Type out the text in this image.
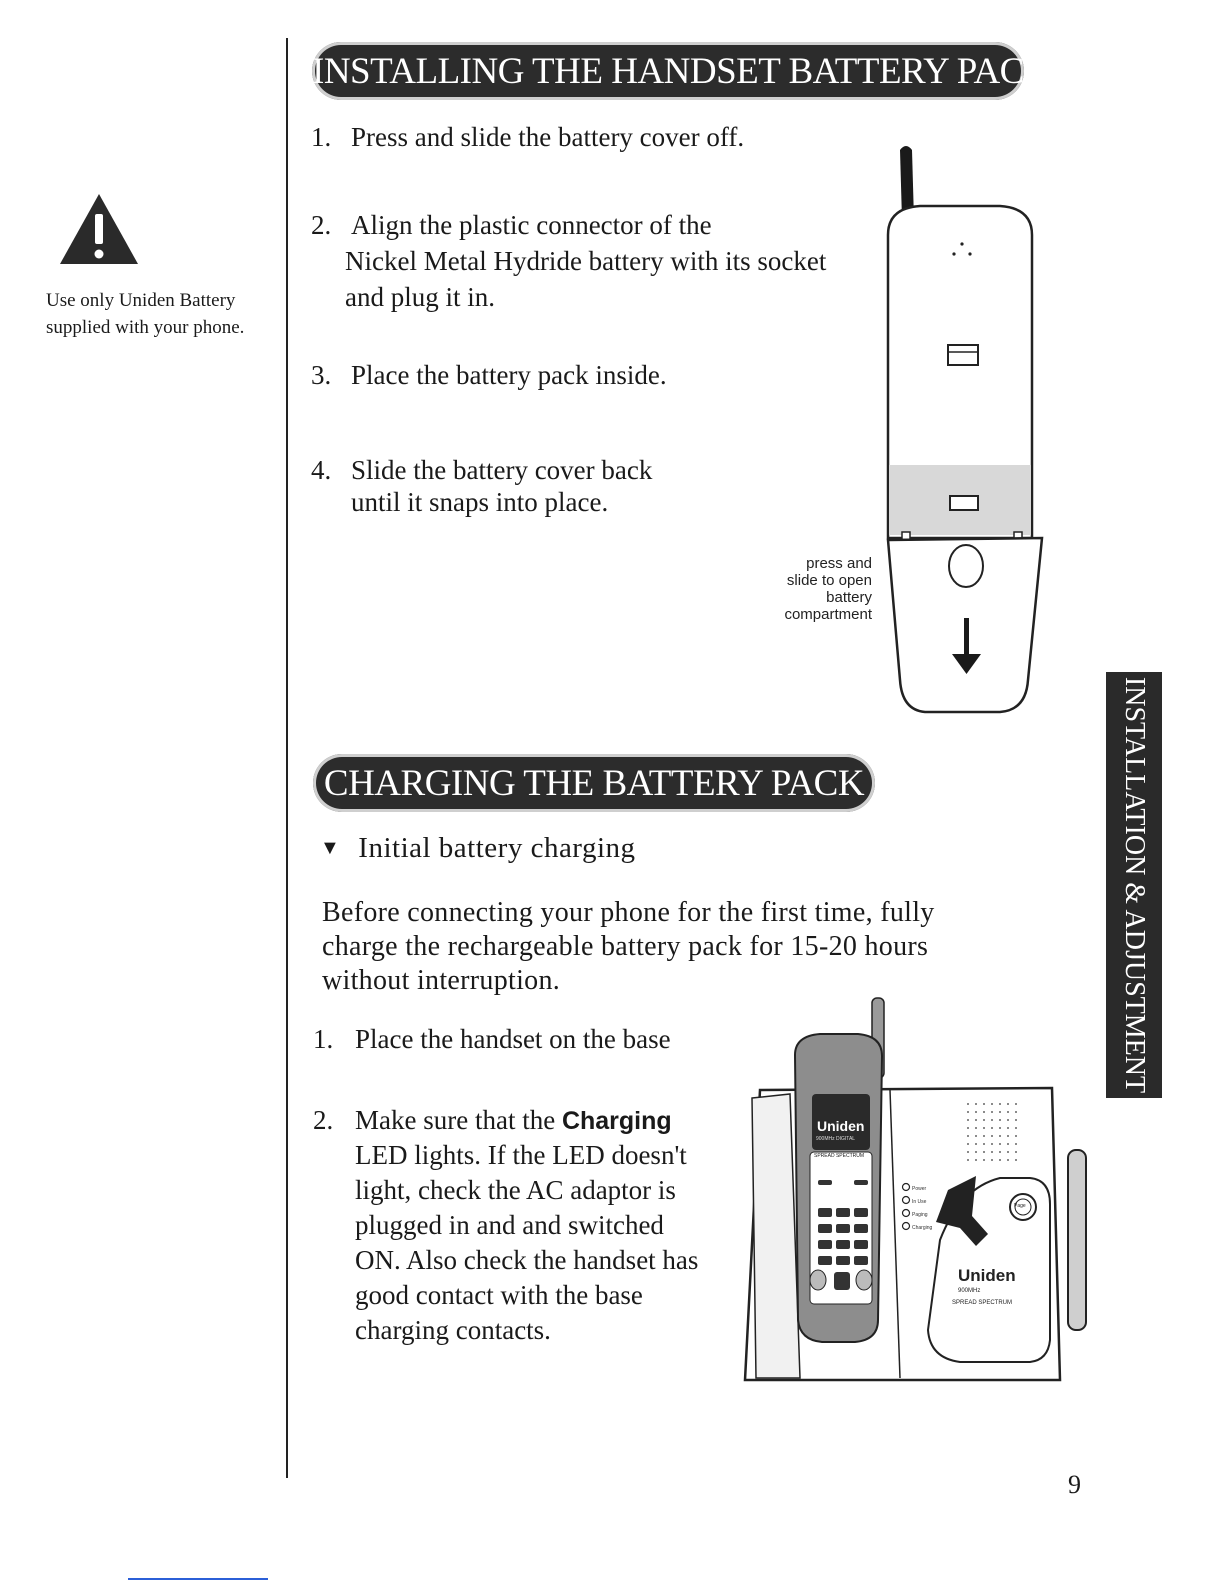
Use only Uniden Battery
supplied with your phone.
INSTALLING THE HANDSET BATTERY PACK
1. Press and slide the battery cover off.
2. Align the plastic connector of the
Nickel Metal Hydride battery with its socket
and plug it in.
3. Place the battery pack inside.
4. Slide the battery cover back
until it snaps into place.
press and
slide to open
battery
compartment
CHARGING THE BATTERY PACK
▼ Initial battery charging
Before connecting your phone for the first time, fully
charge the rechargeable battery pack for 15-20 hours
without interruption.
1. Place the handset on the base
2. Make sure that the Charging
LED lights. If the LED doesn't
light, check the AC adaptor is
plugged in and and switched
ON. Also check the handset has
good contact with the base
charging contacts.
Uniden
900MHz DIGITAL
SPREAD SPECTRUM
Power
In Use
Paging
Charging
Page
Uniden
900MHz
SPREAD SPECTRUM
INSTALLATION & ADJUSTMENT
9
